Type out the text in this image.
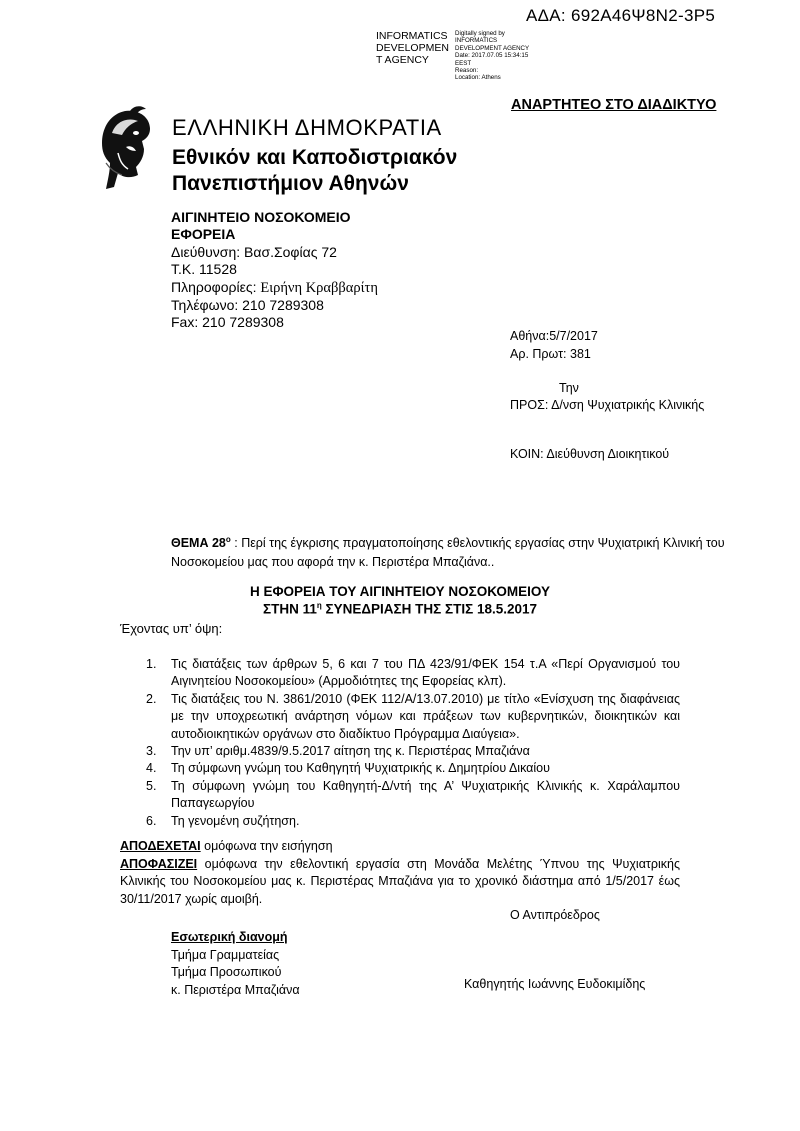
ΑΔΑ: 692Α46Ψ8Ν2-3Ρ5
INFORMATICS
DEVELOPMEN
T AGENCY
Digitally signed by
INFORMATICS
DEVELOPMENT AGENCY
Date: 2017.07.05 15:34:15
EEST
Reason:
Location: Athens
ΑΝΑΡΤΗΤΕΟ ΣΤΟ ΔΙΑΔΙΚΤΥΟ
ΕΛΛΗΝΙΚΗ ΔΗΜΟΚΡΑΤΙΑ
Εθνικόν και Καποδιστριακόν
Πανεπιστήμιον Αθηνών
ΑΙΓΙΝΗΤΕΙΟ ΝΟΣΟΚΟΜΕΙΟ
ΕΦΟΡΕΙΑ
Διεύθυνση: Βασ.Σοφίας 72
Τ.Κ. 11528
Πληροφορίες: Ειρήνη Κραββαρίτη
Τηλέφωνο: 210 7289308
Fax: 210 7289308
Αθήνα:5/7/2017
Αρ. Πρωτ: 381
Την
ΠΡΟΣ: Δ/νση Ψυχιατρικής Κλινικής
ΚΟΙΝ: Διεύθυνση Διοικητικού
ΘΕΜΑ $28^o$ : Περί της έγκρισης πραγματοποίησης εθελοντικής εργασίας στην Ψυχιατρική Κλινική του Νοσοκομείου μας που αφορά την κ. Περιστέρα Μπαζιάνα..
Η ΕΦΟΡΕΙΑ ΤΟΥ ΑΙΓΙΝΗΤΕΙΟΥ ΝΟΣΟΚΟΜΕΙΟΥ
ΣΤΗΝ $11^\eta$ ΣΥΝΕΔΡΙΑΣΗ ΤΗΣ ΣΤΙΣ 18.5.2017
Έχοντας υπ’ όψη:
1.	Τις διατάξεις των άρθρων 5, 6 και 7 του ΠΔ 423/91/ΦΕΚ 154 τ.Α «Περί Οργανισμού του Αιγινητείου Νοσοκομείου» (Αρμοδιότητες της Εφορείας κλπ).
2.	Τις διατάξεις του Ν. 3861/2010 (ΦΕΚ 112/Α/13.07.2010) με τίτλο «Ενίσχυση της διαφάνειας με την υποχρεωτική ανάρτηση νόμων και πράξεων των κυβερνητικών, διοικητικών και αυτοδιοικητικών οργάνων στο διαδίκτυο Πρόγραμμα Διαύγεια».
3.	Την υπ’ αριθμ.4839/9.5.2017 αίτηση της κ. Περιστέρας Μπαζιάνα
4.	Τη σύμφωνη γνώμη του Καθηγητή Ψυχιατρικής κ. Δημητρίου Δικαίου
5.	Τη σύμφωνη γνώμη του Καθηγητή-Δ/ντή της Α’ Ψυχιατρικής Κλινικής κ. Χαράλαμπου Παπαγεωργίου
6.	Τη γενομένη συζήτηση.
ΑΠΟΔΕΧΕΤΑΙ ομόφωνα την εισήγηση
ΑΠΟΦΑΣΙΖΕΙ ομόφωνα την εθελοντική εργασία στη Μονάδα Μελέτης Ύπνου της Ψυχιατρικής Κλινικής του Νοσοκομείου μας κ. Περιστέρας Μπαζιάνα για το χρονικό διάστημα από 1/5/2017 έως 30/11/2017 χωρίς αμοιβή.
Ο Αντιπρόεδρος
Εσωτερική διανομή
Τμήμα Γραμματείας
Τμήμα Προσωπικού
κ. Περιστέρα Μπαζιάνα	Καθηγητής Ιωάννης Ευδοκιμίδης
